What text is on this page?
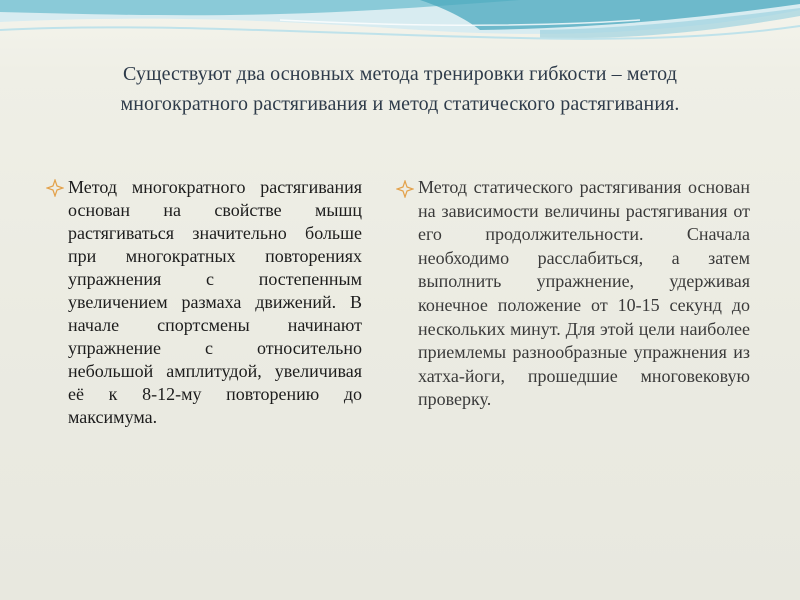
Существуют два основных метода тренировки гибкости – метод многократного растягивания и метод статического растягивания.
Метод многократного растягивания основан на свойстве мышц растягиваться значительно больше при многократных повторениях упражнения с постепенным увеличением размаха движений. В начале спортсмены начинают упражнение с относительно небольшой амплитудой, увеличивая её к 8-12-му повторению до максимума.
Метод статического растягивания основан на зависимости величины растягивания от его продолжительности. Сначала необходимо расслабиться, а затем выполнить упражнение, удерживая конечное положение от 10-15 секунд до нескольких минут. Для этой цели наиболее приемлемы разнообразные упражнения из хатха-йоги, прошедшие многовековую проверку.
